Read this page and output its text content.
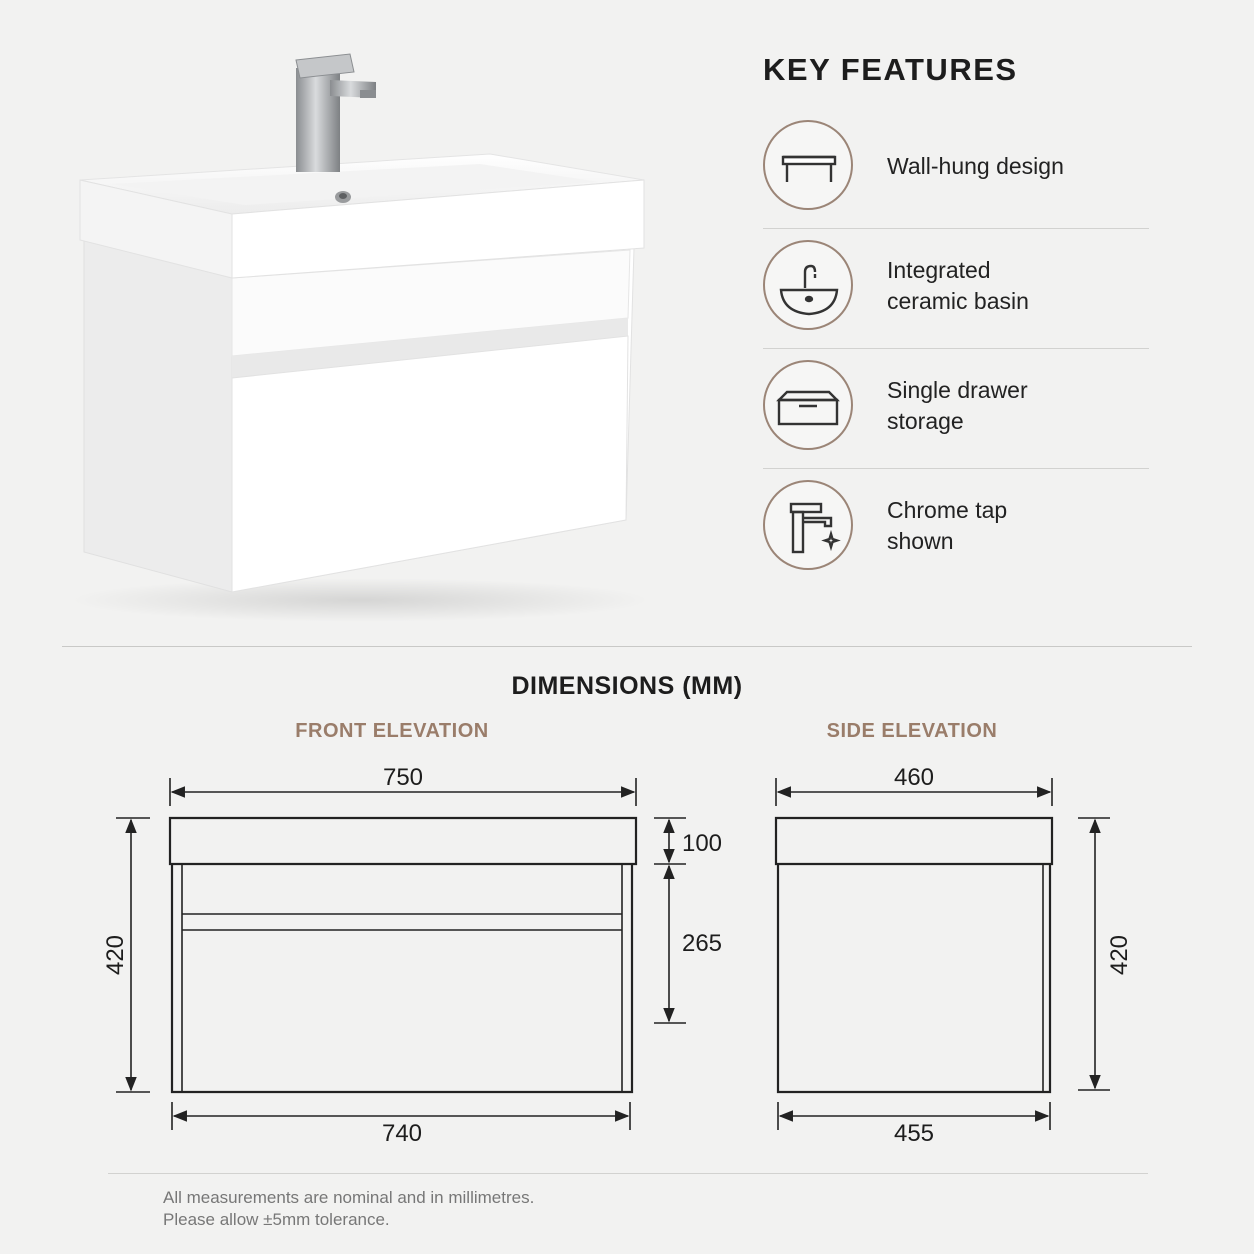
KEY FEATURES
Wall-hung design
Integrated
ceramic basin
Single drawer
storage
Chrome tap
shown
DIMENSIONS (MM)
FRONT ELEVATION	SIDE ELEVATION
750
740
420
100
265
460
455
420
All measurements are nominal and in millimetres.
Please allow ±5mm tolerance.
